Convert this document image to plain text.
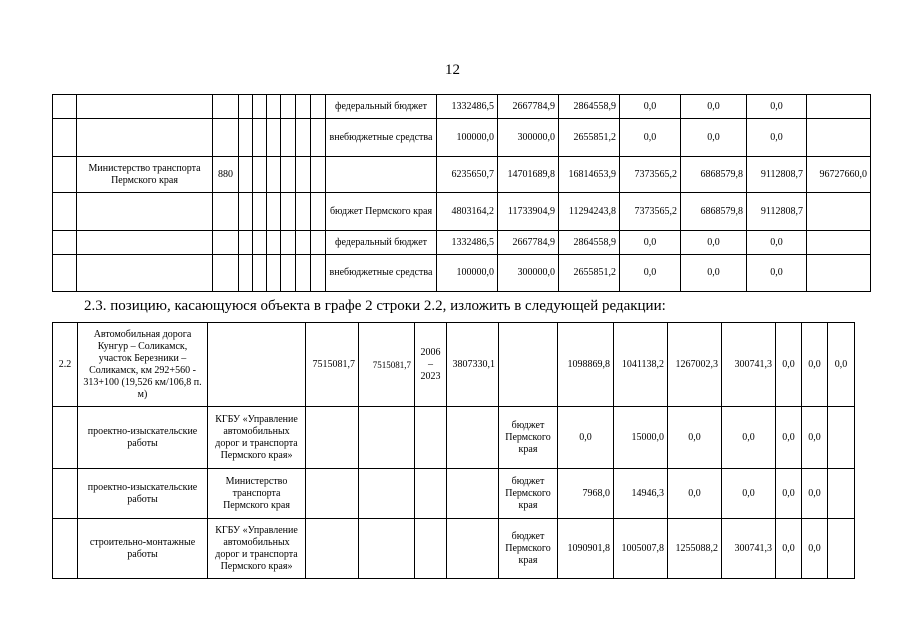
12
									федеральный бюджет	1332486,5	2667784,9	2864558,9	0,0	0,0	0,0	
									внебюджетные средства	100000,0	300000,0	2655851,2	0,0	0,0	0,0	
	Министерство транспорта Пермского края	880								6235650,7	14701689,8	16814653,9	7373565,2	6868579,8	9112808,7	96727660,0
									бюджет Пермского края	4803164,2	11733904,9	11294243,8	7373565,2	6868579,8	9112808,7	
									федеральный бюджет	1332486,5	2667784,9	2864558,9	0,0	0,0	0,0	
									внебюджетные средства	100000,0	300000,0	2655851,2	0,0	0,0	0,0	
2.3. позицию, касающуюся объекта в графе 2 строки 2.2, изложить в следующей редакции:
2.2	Автомобильная дорога Кунгур – Соликамск, участок Березники – Соликамск, км 292+560 - 313+100 (19,526 км/106,8 п. м)		7515081,7	7515081,7	2006 – 2023	3807330,1		1098869,8	1041138,2	1267002,3	300741,3	0,0	0,0	0,0
	проектно-изыскательские работы	КГБУ «Управление автомобильных дорог и транспорта Пермского края»					бюджет Пермского края	0,0	15000,0	0,0	0,0	0,0	0,0	
	проектно-изыскательские работы	Министерство транспорта Пермского края					бюджет Пермского края	7968,0	14946,3	0,0	0,0	0,0	0,0	
	строительно-монтажные работы	КГБУ «Управление автомобильных дорог и транспорта Пермского края»					бюджет Пермского края	1090901,8	1005007,8	1255088,2	300741,3	0,0	0,0	
